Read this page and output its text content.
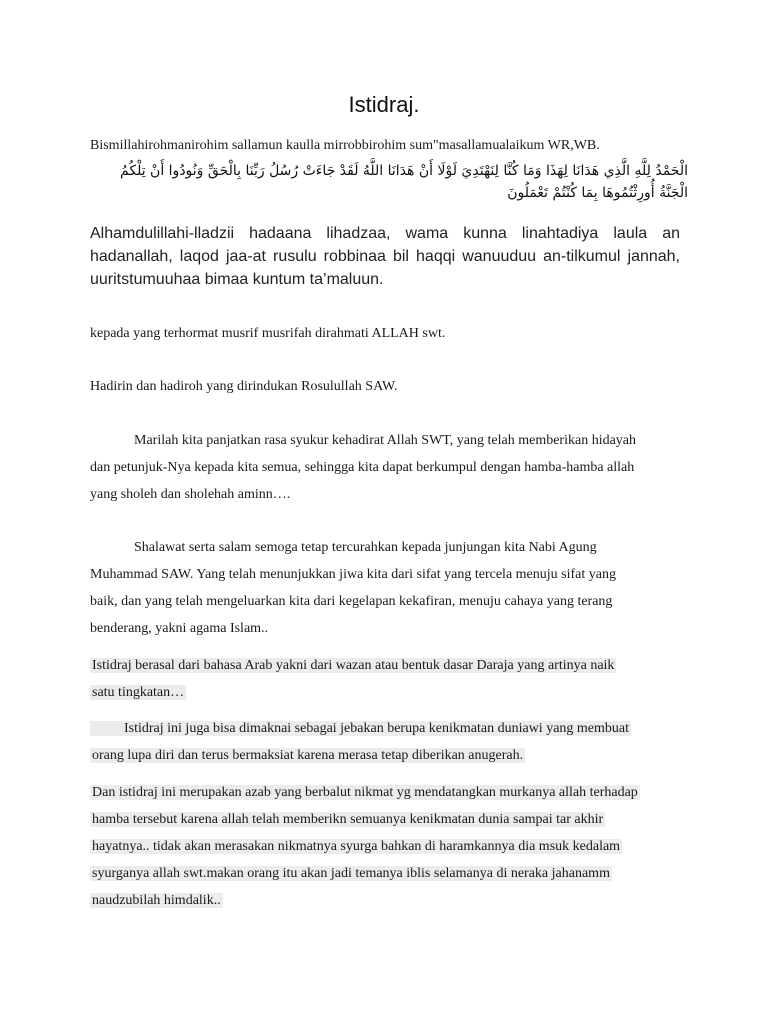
Istidraj.
Bismillahirohmanirohim sallamun kaulla mirrobbirohim sum"masallamualaikum WR,WB.
الْحَمْدُ لِلَّهِ الَّذِي هَدَانَا لِهَذَا وَمَا كُنَّا لِنَهْتَدِيَ لَوْلَا أَنْ هَدَانَا اللَّهُ لَقَدْ جَاءَتْ رُسُلُ رَبِّنَا بِالْحَقِّ وَنُودُوا أَنْ تِلْكُمُ الْجَنَّةُ أُورِثْتُمُوهَا بِمَا كُنْتُمْ تَعْمَلُونَ
Alhamdulillahi-lladzii hadaana lihadzaa, wama kunna linahtadiya laula an hadanallah, laqod jaa-at rusulu robbinaa bil haqqi wanuuduu an-tilkumul jannah, uuritstumuuhaa bimaa kuntum ta’maluun.
kepada yang terhormat musrif musrifah dirahmati ALLAH swt.
Hadirin dan hadiroh yang dirindukan Rosulullah SAW.
Marilah kita panjatkan rasa syukur kehadirat Allah SWT, yang telah memberikan hidayah
dan petunjuk-Nya kepada kita semua, sehingga kita dapat berkumpul dengan hamba-hamba allah
yang sholeh dan sholehah aminn….
Shalawat serta salam semoga tetap tercurahkan kepada junjungan kita Nabi Agung
Muhammad SAW. Yang telah menunjukkan jiwa kita dari sifat yang tercela menuju sifat yang
baik, dan yang telah mengeluarkan kita dari kegelapan kekafiran, menuju cahaya yang terang
benderang, yakni agama Islam..
Istidraj berasal dari bahasa Arab yakni dari wazan atau bentuk dasar Daraja yang artinya naik
satu tingkatan…
Istidraj ini juga bisa dimaknai sebagai jebakan berupa kenikmatan duniawi yang membuat
orang lupa diri dan terus bermaksiat karena merasa tetap diberikan anugerah.
Dan istidraj ini merupakan azab yang berbalut nikmat yg mendatangkan murkanya allah terhadap
hamba tersebut karena allah telah memberikn semuanya kenikmatan dunia sampai tar akhir
hayatnya.. tidak akan merasakan nikmatnya syurga bahkan di haramkannya dia msuk kedalam
syurganya allah swt.makan orang itu akan jadi temanya iblis selamanya di neraka jahanamm
naudzubilah himdalik..
